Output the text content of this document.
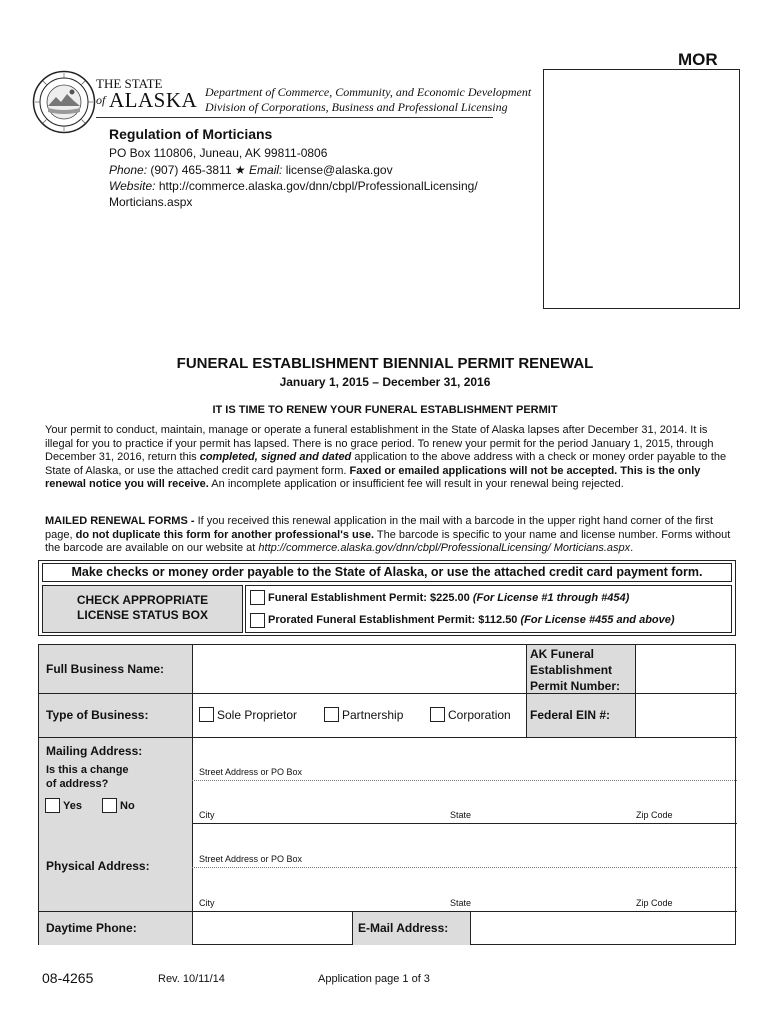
MOR
THE STATE
of ALASKA Department of Commerce, Community, and Economic Development
Division of Corporations, Business and Professional Licensing
Regulation of Morticians
PO Box 110806, Juneau, AK 99811-0806
Phone: (907) 465-3811 ★ Email: license@alaska.gov
Website: http://commerce.alaska.gov/dnn/cbpl/ProfessionalLicensing/
Morticians.aspx
FUNERAL ESTABLISHMENT BIENNIAL PERMIT RENEWAL
January 1, 2015 – December 31, 2016
IT IS TIME TO RENEW YOUR FUNERAL ESTABLISHMENT PERMIT
Your permit to conduct, maintain, manage or operate a funeral establishment in the State of Alaska lapses after December 31, 2014. It is illegal for you to practice if your permit has lapsed. There is no grace period. To renew your permit for the period January 1, 2015, through December 31, 2016, return this completed, signed and dated application to the above address with a check or money order payable to the State of Alaska, or use the attached credit card payment form. Faxed or emailed applications will not be accepted. This is the only renewal notice you will receive. An incomplete application or insufficient fee will result in your renewal being rejected.
MAILED RENEWAL FORMS - If you received this renewal application in the mail with a barcode in the upper right hand corner of the first page, do not duplicate this form for another professional's use. The barcode is specific to your name and license number. Forms without the barcode are available on our website at http://commerce.alaska.gov/dnn/cbpl/ProfessionalLicensing/ Morticians.aspx.
Make checks or money order payable to the State of Alaska, or use the attached credit card payment form.
CHECK APPROPRIATE
LICENSE STATUS BOX
Funeral Establishment Permit: $225.00 (For License #1 through #454)
Prorated Funeral Establishment Permit: $112.50 (For License #455 and above)
Full Business Name:
AK Funeral
Establishment
Permit Number:
Type of Business:	Sole Proprietor	Partnership	Corporation Federal EIN #:
Mailing Address:
Is this a change
of address?
Yes	No
Street Address or PO Box
City	State	Zip Code
Physical Address:	Street Address or PO Box
City	State	Zip Code
Daytime Phone:	E-Mail Address:
08-4265	Rev. 10/11/14	Application page 1 of 3
